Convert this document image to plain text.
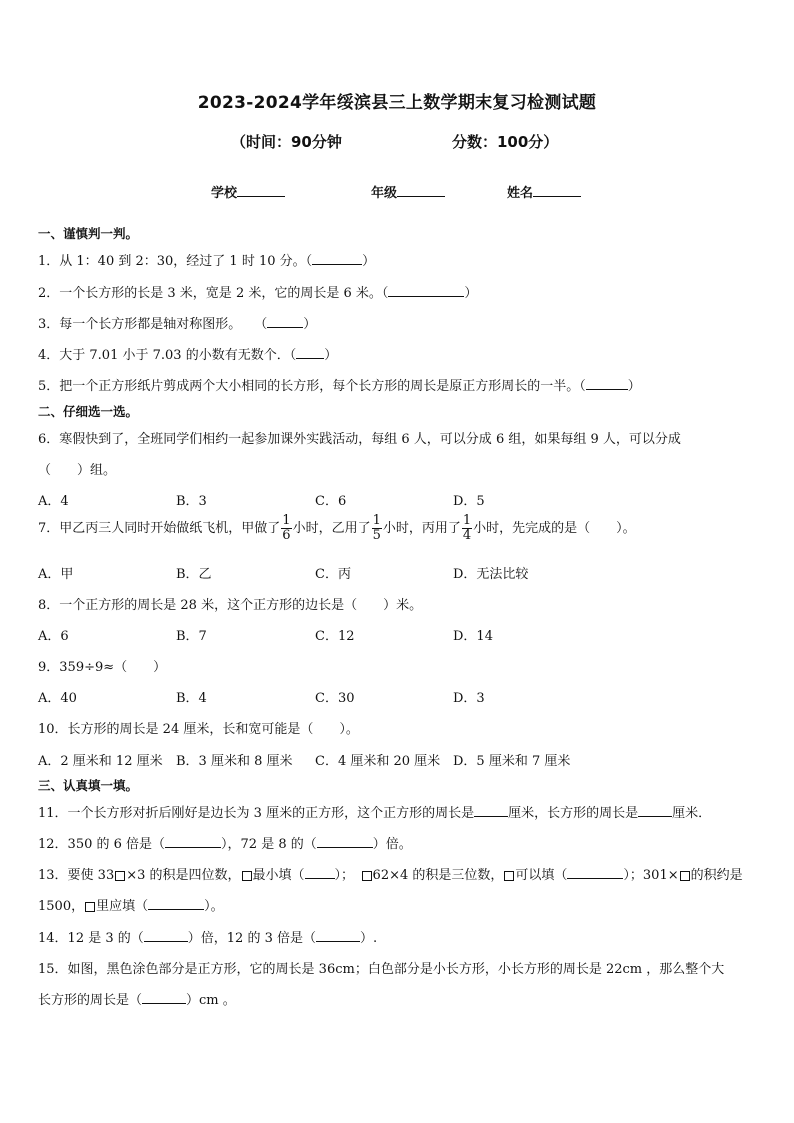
2023-2024学年绥滨县三上数学期末复习检测试题
（时间：90分钟	分数：100分）
学校	年级	姓名
一、谨慎判一判。
1．从 1：40 到 2：30，经过了 1 时 10 分。（	）
2．一个长方形的长是 3 米，宽是 2 米，它的周长是 6 米。（	）
3．每一个长方形都是轴对称图形。　　（	）
4．大于 7.01 小于 7.03 的小数有无数个．（ ）
5．把一个正方形纸片剪成两个大小相同的长方形，每个长方形的周长是原正方形周长的一半。（	）
二、仔细选一选。
6．寒假快到了，全班同学们相约一起参加课外实践活动，每组 6 人，可以分成 6 组，如果每组 9 人，可以分成
（　　）组。
A．4	B．3	C．6	D．5
7．甲乙丙三人同时开始做纸飞机，甲做了 $\frac{1}{6}$ 小时，乙用了 $\frac{1}{5}$ 小时，丙用了 $\frac{1}{4}$ 小时，先完成的是（　　）。
A．甲	B．乙	C．丙	D．无法比较
8．一个正方形的周长是 28 米，这个正方形的边长是（　　）米。
A．6	B．7	C．12	D．14
9．359÷9≈（　　）
A．40	B．4	C．30	D．3
10．长方形的周长是 24 厘米，长和宽可能是（　　）。
A．2 厘米和 12 厘米 B．3 厘米和 8 厘米 C．4 厘米和 20 厘米 D．5 厘米和 7 厘米
三、认真填一填。
11．一个长方形对折后刚好是边长为 3 厘米的正方形，这个正方形的周长是	厘米，长方形的周长是	厘米．
12．350 的 6 倍是（	），72 是 8 的（	）倍。
13．要使 33 ×3 的积是四位数， 最小填（ ）；　62×4 的积是三位数， 可以填（	）；301× 的积约是
1500， 里应填（	）。
14．12 是 3 的（	）倍，12 的 3 倍是（	）.
15．如图，黑色涂色部分是正方形，它的周长是 36cm；白色部分是小长方形，小长方形的周长是 22cm ，那么整个大
长方形的周长是（	）cm 。
